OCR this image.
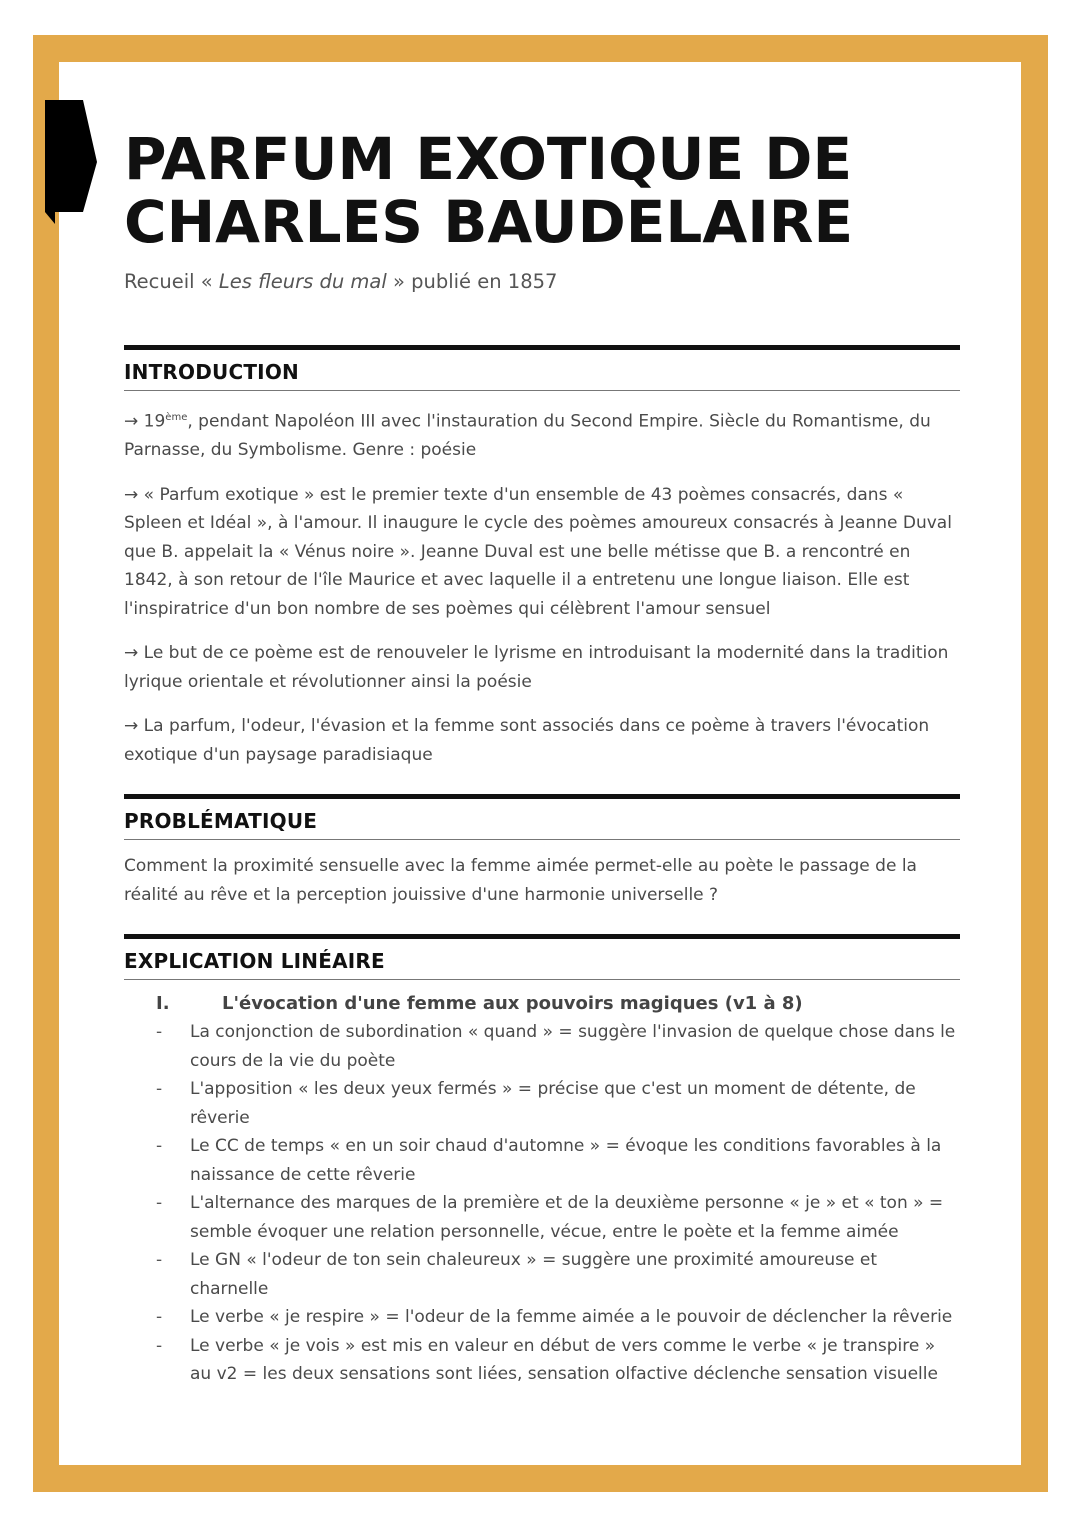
PARFUM EXOTIQUE DE
CHARLES BAUDELAIRE
Recueil « Les fleurs du mal » publié en 1857
INTRODUCTION

→ 19ème, pendant Napoléon III avec l'instauration du Second Empire. Siècle du Romantisme, du Parnasse, du Symbolisme. Genre : poésie

→ « Parfum exotique » est le premier texte d'un ensemble de 43 poèmes consacrés, dans « Spleen et Idéal », à l'amour. Il inaugure le cycle des poèmes amoureux consacrés à Jeanne Duval que B. appelait la « Vénus noire ». Jeanne Duval est une belle métisse que B. a rencontré en 1842, à son retour de l'île Maurice et avec laquelle il a entretenu une longue liaison. Elle est l'inspiratrice d'un bon nombre de ses poèmes qui célèbrent l'amour sensuel

→ Le but de ce poème est de renouveler le lyrisme en introduisant la modernité dans la tradition lyrique orientale et révolutionner ainsi la poésie

→ La parfum, l'odeur, l'évasion et la femme sont associés dans ce poème à travers l'évocation exotique d'un paysage paradisiaque

PROBLÉMATIQUE

Comment la proximité sensuelle avec la femme aimée permet-elle au poète le passage de la réalité au rêve et la perception jouissive d'une harmonie universelle ?

EXPLICATION LINÉAIRE
I.	L'évocation d'une femme aux pouvoirs magiques (v1 à 8)
- La conjonction de subordination « quand » = suggère l'invasion de quelque chose dans le cours de la vie du poète
- L'apposition « les deux yeux fermés » = précise que c'est un moment de détente, de rêverie
- Le CC de temps « en un soir chaud d'automne » = évoque les conditions favorables à la naissance de cette rêverie
- L'alternance des marques de la première et de la deuxième personne « je » et « ton » = semble évoquer une relation personnelle, vécue, entre le poète et la femme aimée
- Le GN « l'odeur de ton sein chaleureux » = suggère une proximité amoureuse et charnelle
- Le verbe « je respire » = l'odeur de la femme aimée a le pouvoir de déclencher la rêverie
- Le verbe « je vois » est mis en valeur en début de vers comme le verbe « je transpire » au v2 = les deux sensations sont liées, sensation olfactive déclenche sensation visuelle
